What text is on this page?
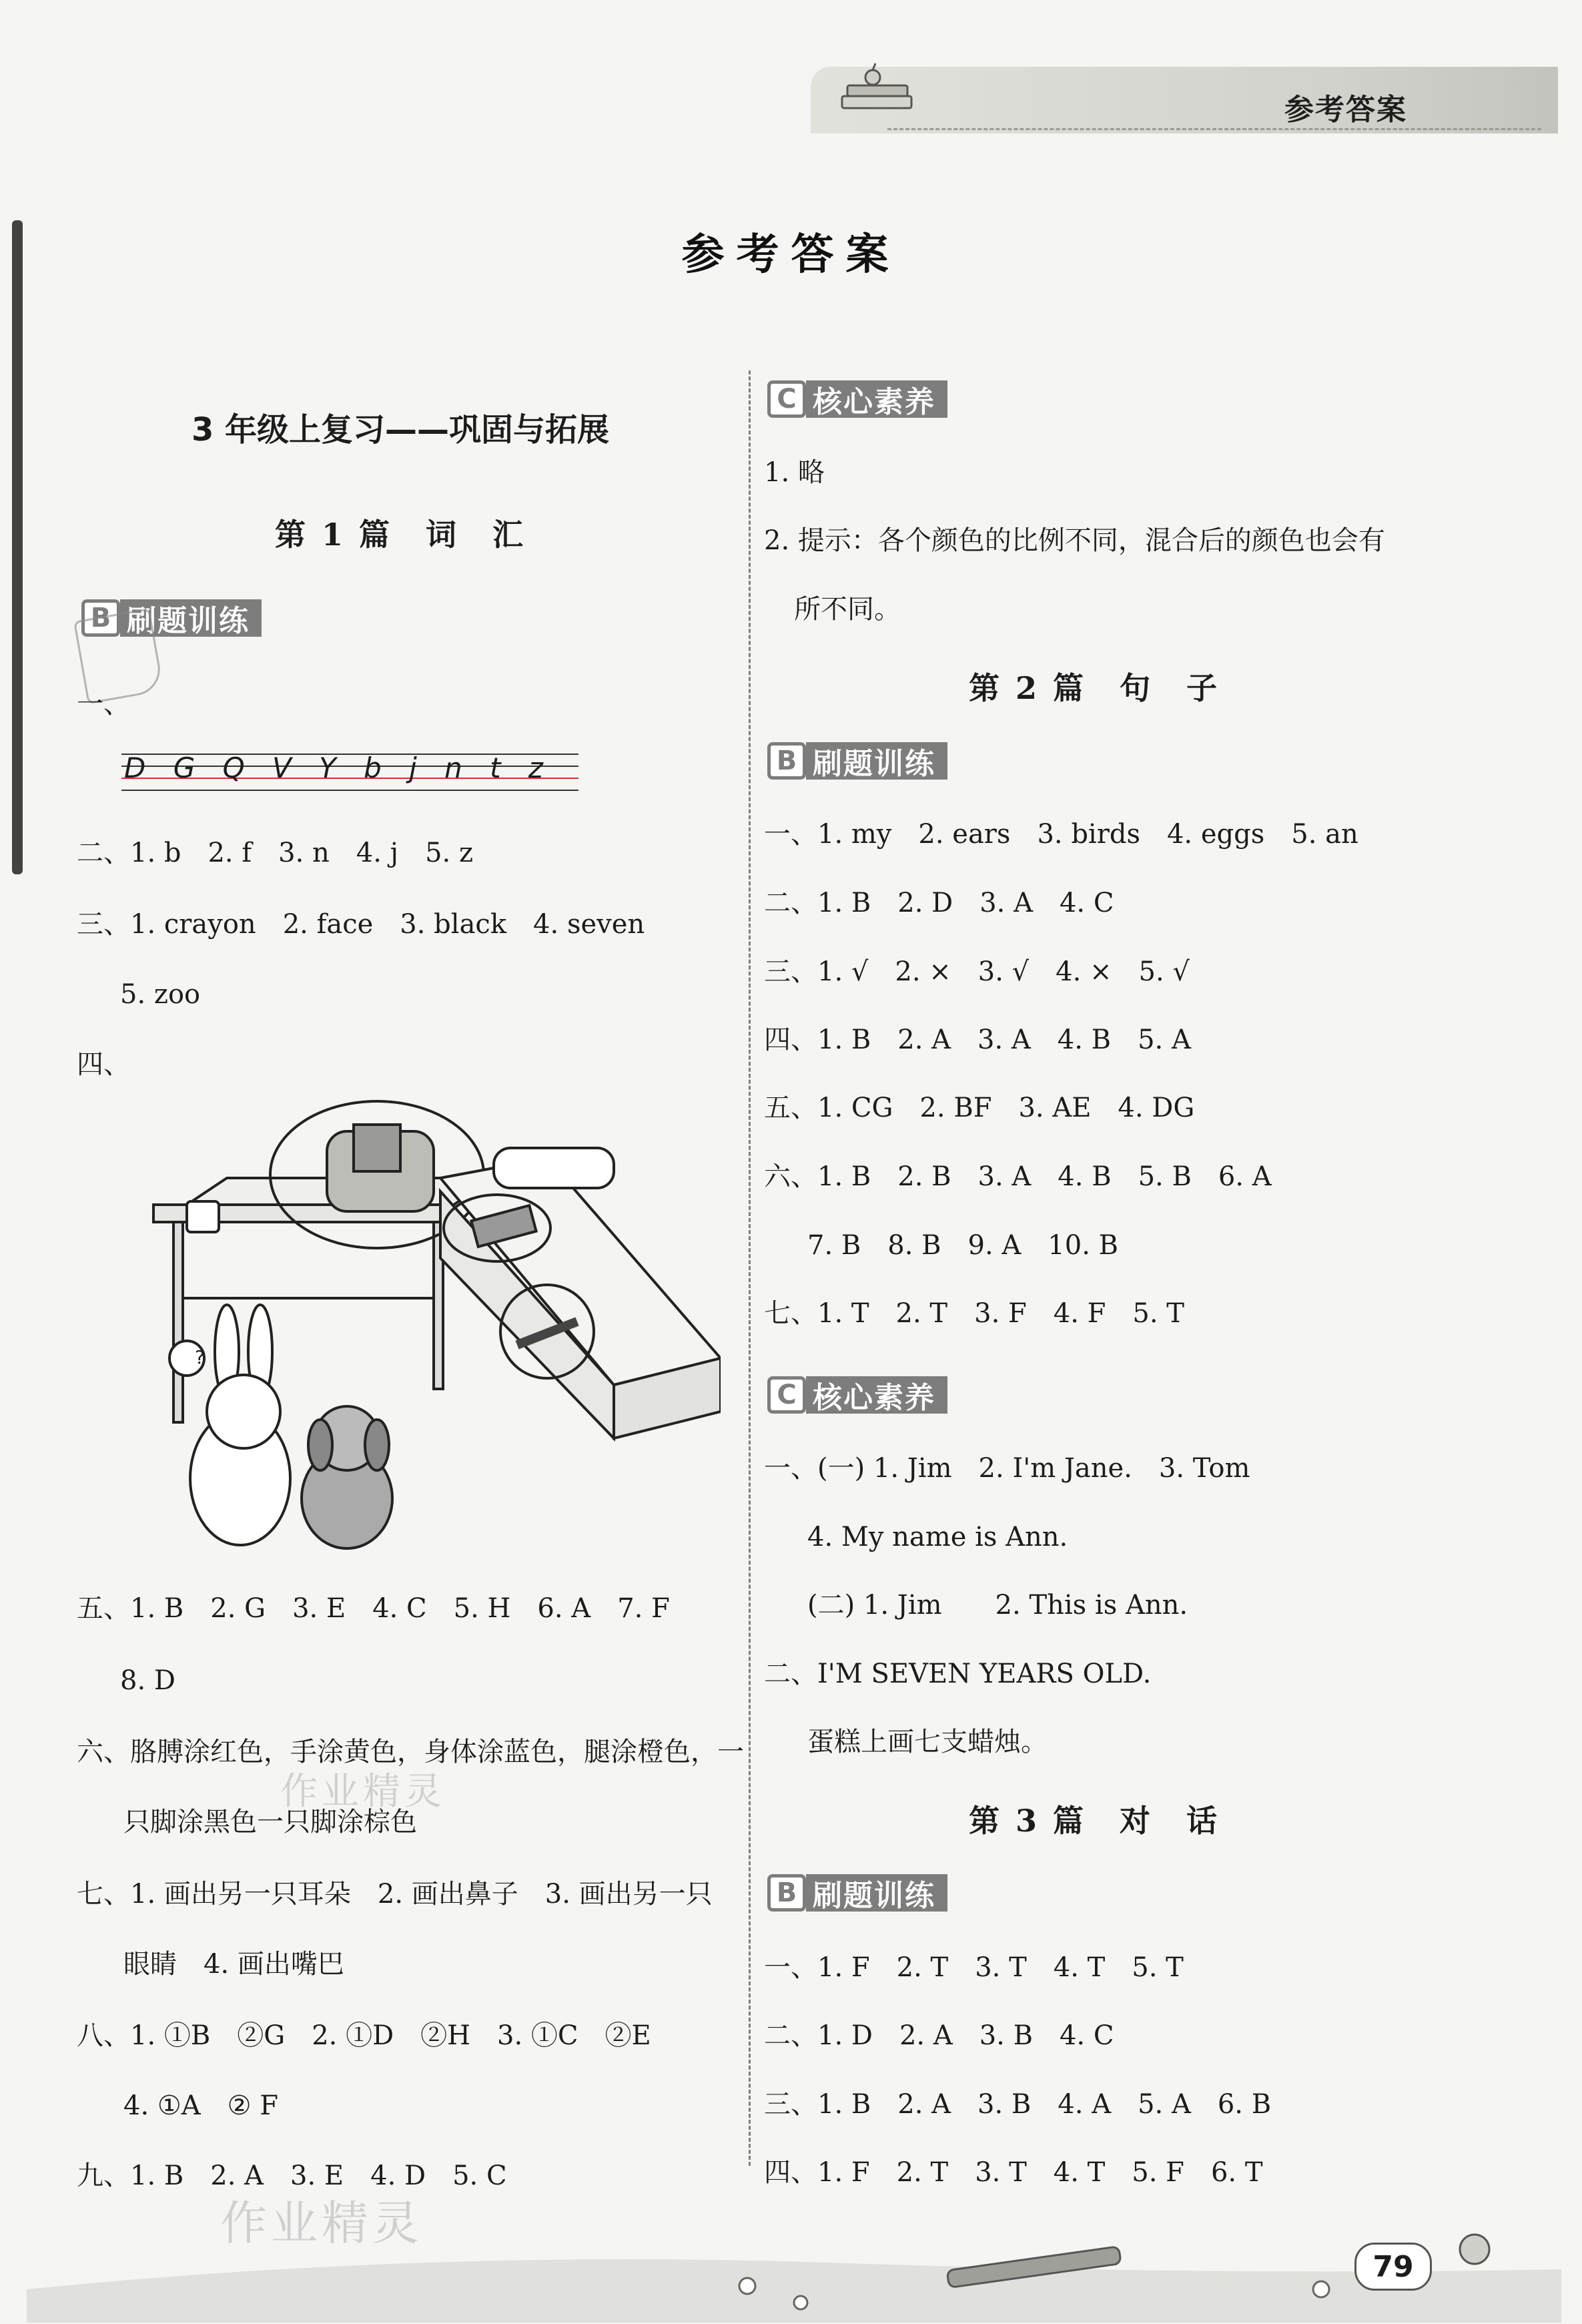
参考答案
参考答案
3 年级上复习——巩固与拓展
第 1 篇　词　汇
B 刷题训练
一、
D G Q V Y b j n t z
二、1. b　2. f　3. n　4. j　5. z
三、1. crayon　2. face　3. black　4. seven
5. zoo
四、
?
五、1. B　2. G　3. E　4. C　5. H　6. A　7. F
8. D
六、胳膊涂红色，手涂黄色，身体涂蓝色，腿涂橙色，一
只脚涂黑色一只脚涂棕色
七、1. 画出另一只耳朵　2. 画出鼻子　3. 画出另一只
眼睛　4. 画出嘴巴
八、1. ①B　②G　2. ①D　②H　3. ①C　②E
4. ①A　② F
九、1. B　2. A　3. E　4. D　5. C
C 核心素养
1. 略
2. 提示：各个颜色的比例不同，混合后的颜色也会有
所不同。
第 2 篇　句　子
B 刷题训练
一、1. my　2. ears　3. birds　4. eggs　5. an
二、1. B　2. D　3. A　4. C
三、1. √　2. ×　3. √　4. ×　5. √
四、1. B　2. A　3. A　4. B　5. A
五、1. CG　2. BF　3. AE　4. DG
六、1. B　2. B　3. A　4. B　5. B　6. A
7. B　8. B　9. A　10. B
七、1. T　2. T　3. F　4. F　5. T
C 核心素养
一、(一) 1. Jim　2. I'm Jane.　3. Tom
4. My name is Ann.
(二) 1. Jim　　2. This is Ann.
二、I'M SEVEN YEARS OLD.
蛋糕上画七支蜡烛。
第 3 篇　对　话
B 刷题训练
一、1. F　2. T　3. T　4. T　5. T
二、1. D　2. A　3. B　4. C
三、1. B　2. A　3. B　4. A　5. A　6. B
四、1. F　2. T　3. T　4. T　5. F　6. T
作业精灵
作业精灵
79
